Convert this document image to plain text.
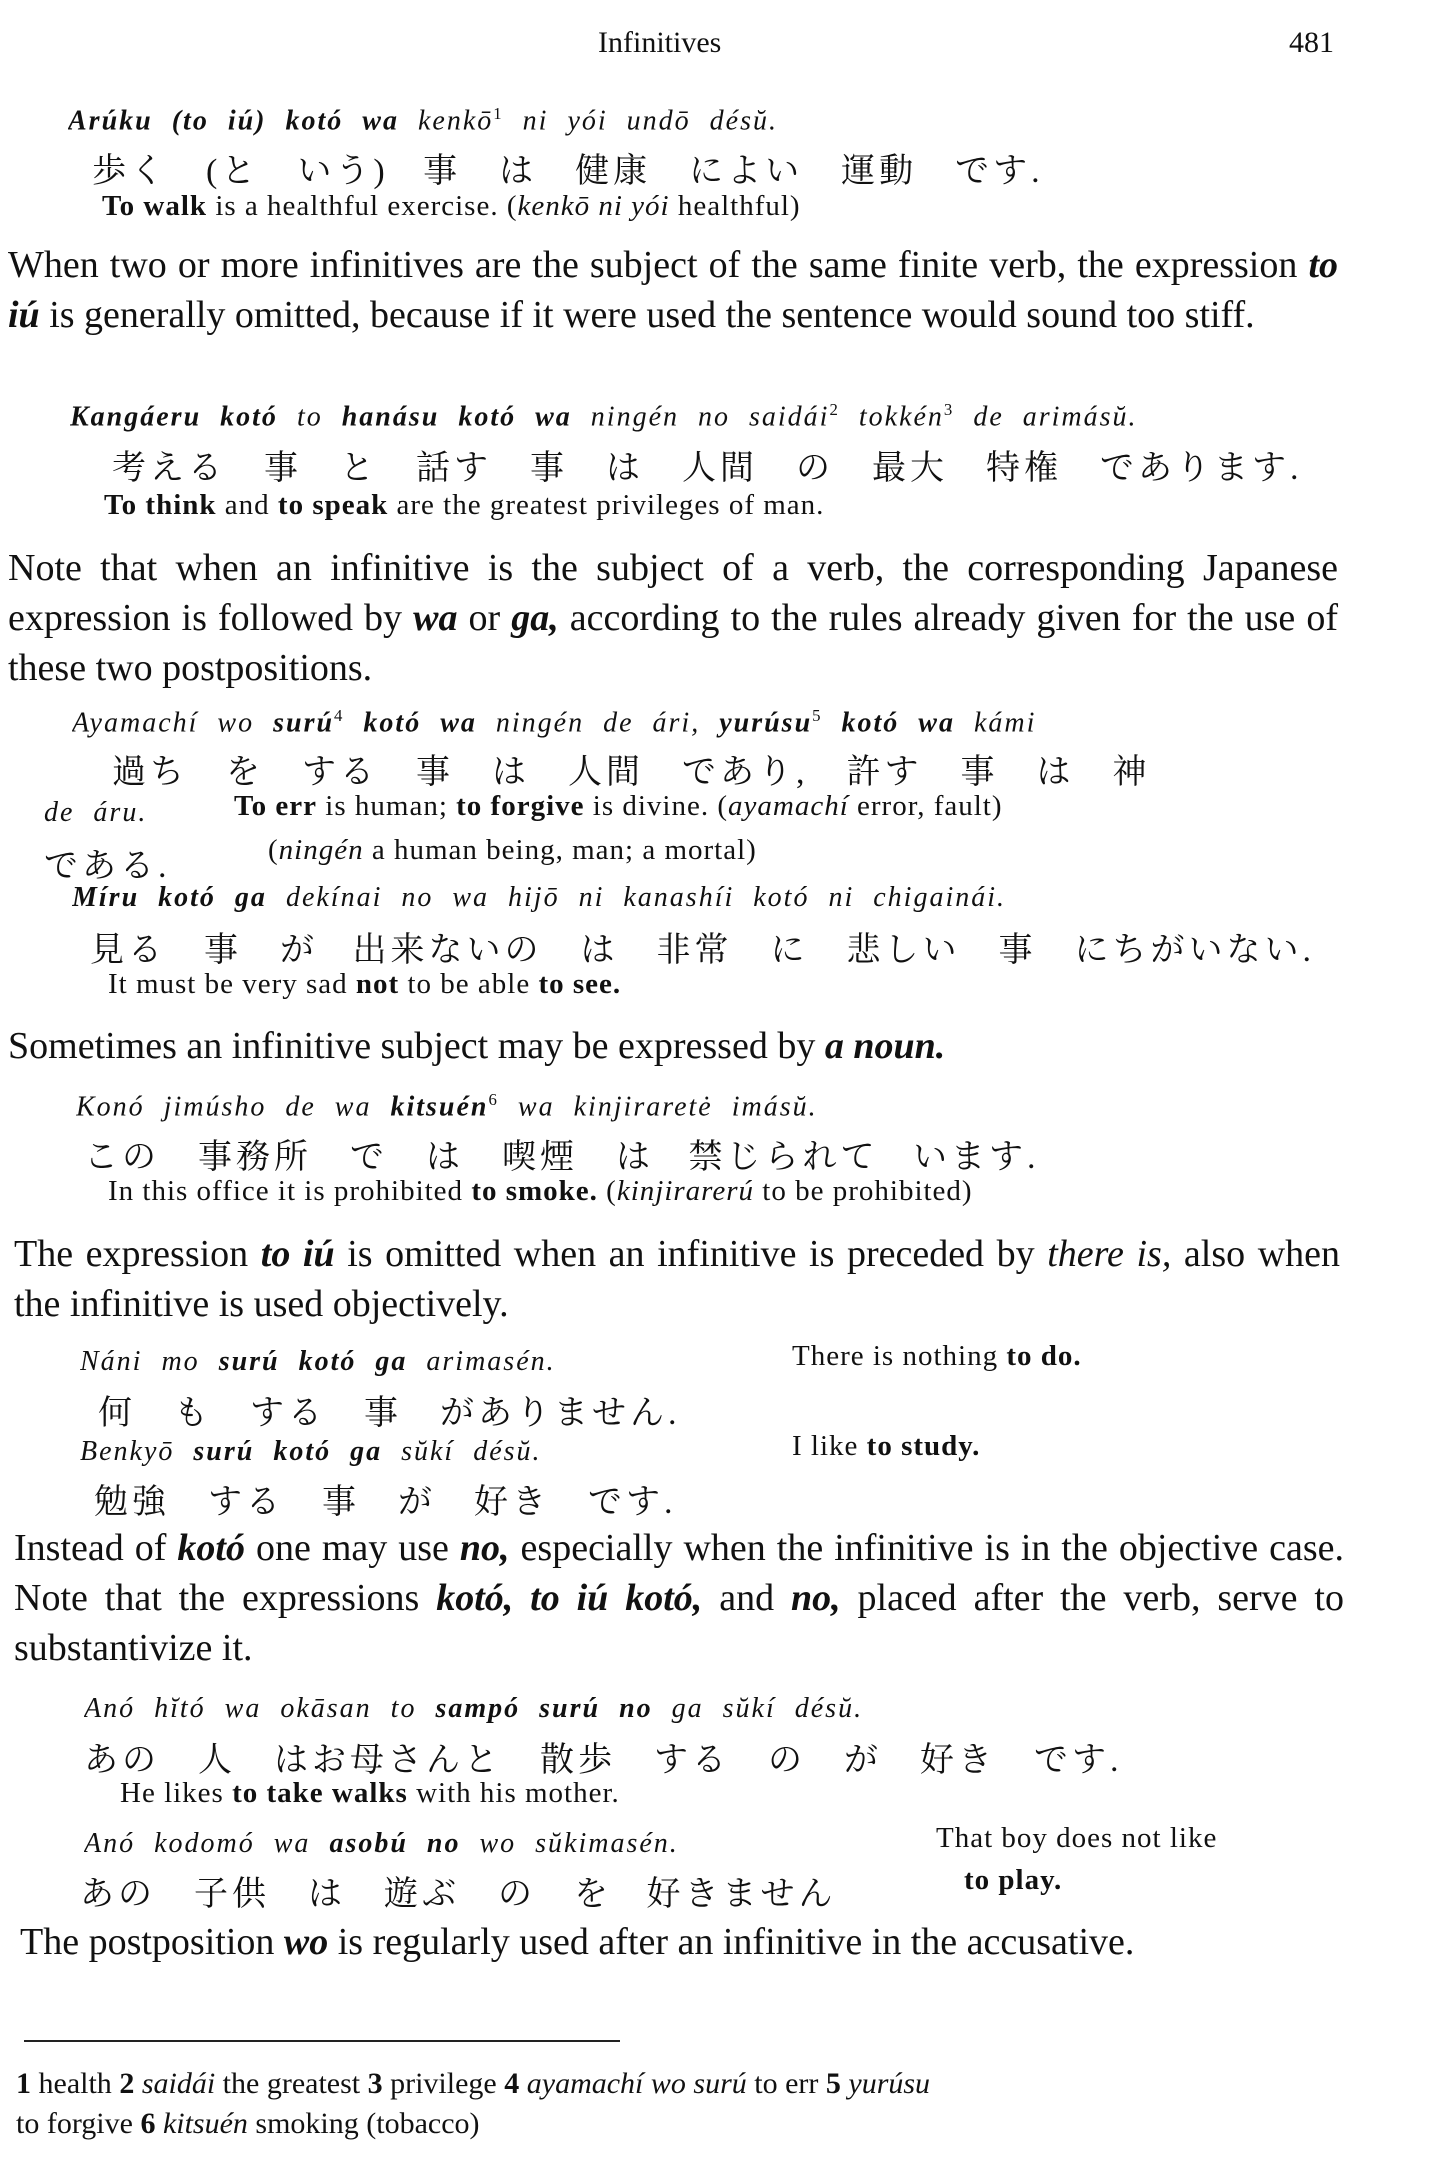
Infinitives	481
Arúku (to iú) kotó wa kenkō$^1$ ni yói undō désŭ.
歩く　(と　いう) 事　は　健康　によい　運動　です.
To walk is a healthful exercise. (kenkō ni yói healthful)
When two or more infinitives are the subject of the same finite verb, the expression to iú is generally omitted, because if it were used the sentence would sound too stiff.
Kangáeru kotó to hanásu kotó wa ningén no saidái$^2$ tokkén$^3$ de arimásŭ.
考える　事　と　話す　事　は　人間　の　最大　特権　であります.
To think and to speak are the greatest privileges of man.
Note that when an infinitive is the subject of a verb, the corresponding Japanese expression is followed by wa or ga, according to the rules already given for the use of these two postpositions.
Ayamachí wo surú$^4$ kotó wa ningén de ári, yurúsu$^5$ kotó wa kámi
過ち　を　する　事　は　人間　であり,　許す　事　は　神
de áru.	To err is human; to forgive is divine. (ayamachí error, fault)
である.	(ningén a human being, man; a mortal)
Míru kotó ga dekínai no wa hijō ni kanashíi kotó ni chigainái.
見る　事　が 出来ないの　は　非常　に　悲しい　事　にちがいない.
It must be very sad not to be able to see.
Sometimes an infinitive subject may be expressed by a noun.
Konó jimúsho de wa kitsuén$^6$ wa kinjiraretė imásŭ.
この　事務所　で　は　喫煙　は 禁じられて います.
In this office it is prohibited to smoke. (kinjirarerú to be prohibited)
The expression to iú is omitted when an infinitive is preceded by there is, also when the infinitive is used objectively.
Náni mo surú kotó ga arimasén.	There is nothing to do.
何　も　する　事　がありません.
Benkyō surú kotó ga sŭkí désŭ.	I like to study.
勉強　する　事　が　好き　です.
Instead of kotó one may use no, especially when the infinitive is in the objective case. Note that the expressions kotó, to iú kotó, and no, placed after the verb, serve to substantivize it.
Anó hĭtó wa okāsan to sampó surú no ga sŭkí désŭ.
あの　人　はお母さんと　散歩　する　の　が　好き　です.
He likes to take walks with his mother.
Anó kodomó wa asobú no wo sŭkimasén.	That boy does not like
あの　子供　は　遊ぶ　の　を 好きません	to play.
The postposition wo is regularly used after an infinitive in the accusative.
1 health 2 saidái the greatest 3 privilege 4 ayamachí wo surú to err 5 yurúsu
to forgive 6 kitsuén smoking (tobacco)
